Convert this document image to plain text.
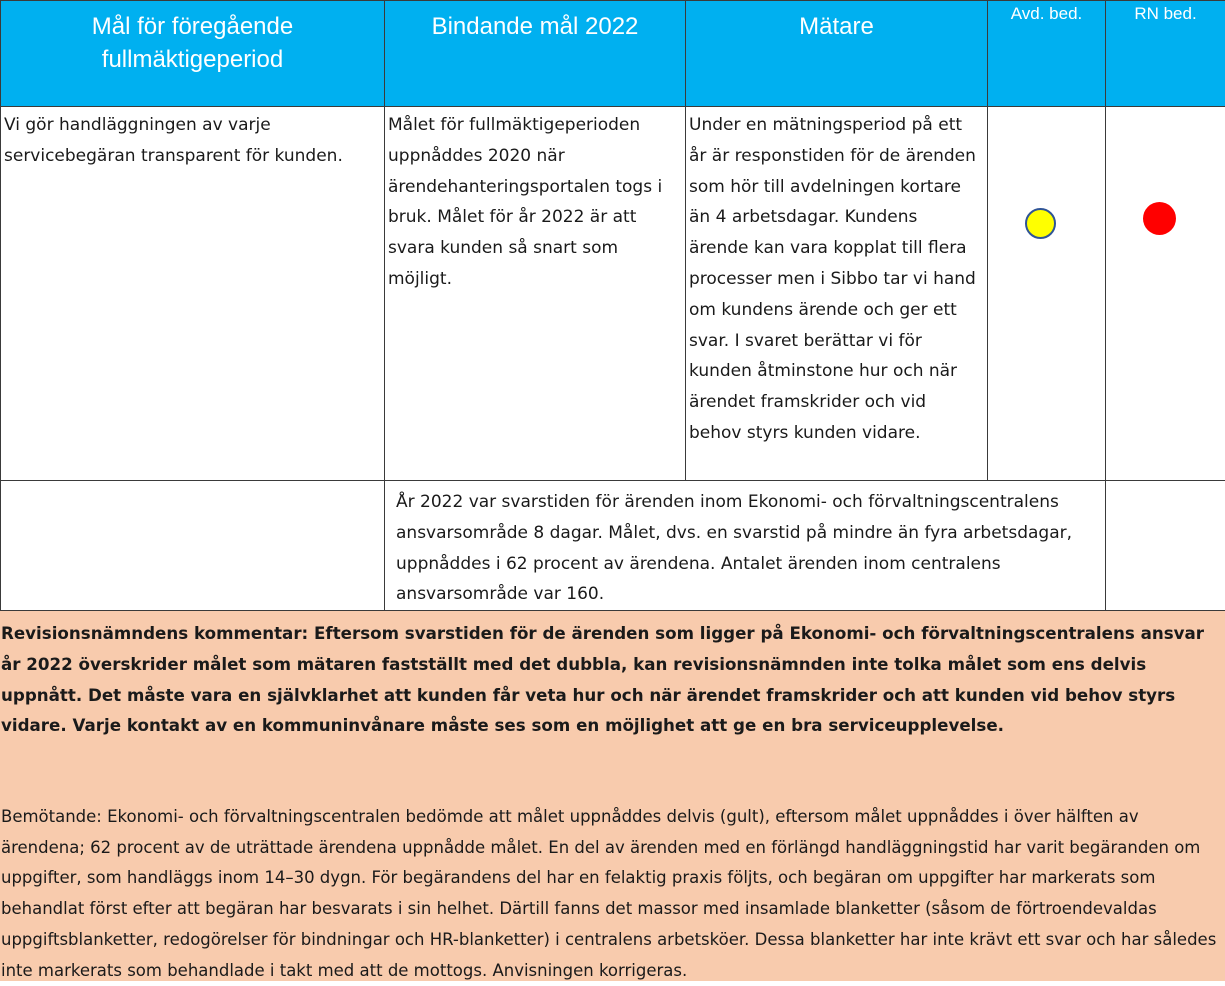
Mål för föregående fullmäktigeperiod	Bindande mål 2022	Mätare	Avd. bed.	RN bed.

Vi gör handläggningen av varje servicebegäran transparent för kunden.	Målet för fullmäktigeperioden uppnåddes 2020 när ärendehanteringsportalen togs i bruk. Målet för år 2022 är att svara kunden så snart som möjligt.	Under en mätningsperiod på ett år är responstiden för de ärenden som hör till avdelningen kortare än 4 arbetsdagar. Kundens ärende kan vara kopplat till flera processer men i Sibbo tar vi hand om kundens ärende och ger ett svar. I svaret berättar vi för kunden åtminstone hur och när ärendet framskrider och vid behov styrs kunden vidare.		

	År 2022 var svarstiden för ärenden inom Ekonomi- och förvaltningscentralens ansvarsområde 8 dagar. Målet, dvs. en svarstid på mindre än fyra arbetsdagar, uppnåddes i 62 procent av ärendena. Antalet ärenden inom centralens ansvarsområde var 160.			

Revisionsnämndens kommentar: Eftersom svarstiden för de ärenden som ligger på Ekonomi- och förvaltningscentralens ansvar år 2022 överskrider målet som mätaren fastställt med det dubbla, kan revisionsnämnden inte tolka målet som ens delvis uppnått. Det måste vara en självklarhet att kunden får veta hur och när ärendet framskrider och att kunden vid behov styrs vidare. Varje kontakt av en kommuninvånare måste ses som en möjlighet att ge en bra serviceupplevelse.
Bemötande: Ekonomi- och förvaltningscentralen bedömde att målet uppnåddes delvis (gult), eftersom målet uppnåddes i över hälften av ärendena; 62 procent av de uträttade ärendena uppnådde målet. En del av ärenden med en förlängd handläggningstid har varit begäranden om uppgifter, som handläggs inom 14–30 dygn. För begärandens del har en felaktig praxis följts, och begäran om uppgifter har markerats som behandlat först efter att begäran har besvarats i sin helhet. Därtill fanns det massor med insamlade blanketter (såsom de förtroendevaldas uppgiftsblanketter, redogörelser för bindningar och HR-blanketter) i centralens arbetsköer. Dessa blanketter har inte krävt ett svar och har således inte markerats som behandlade i takt med att de mottogs. Anvisningen korrigeras.
